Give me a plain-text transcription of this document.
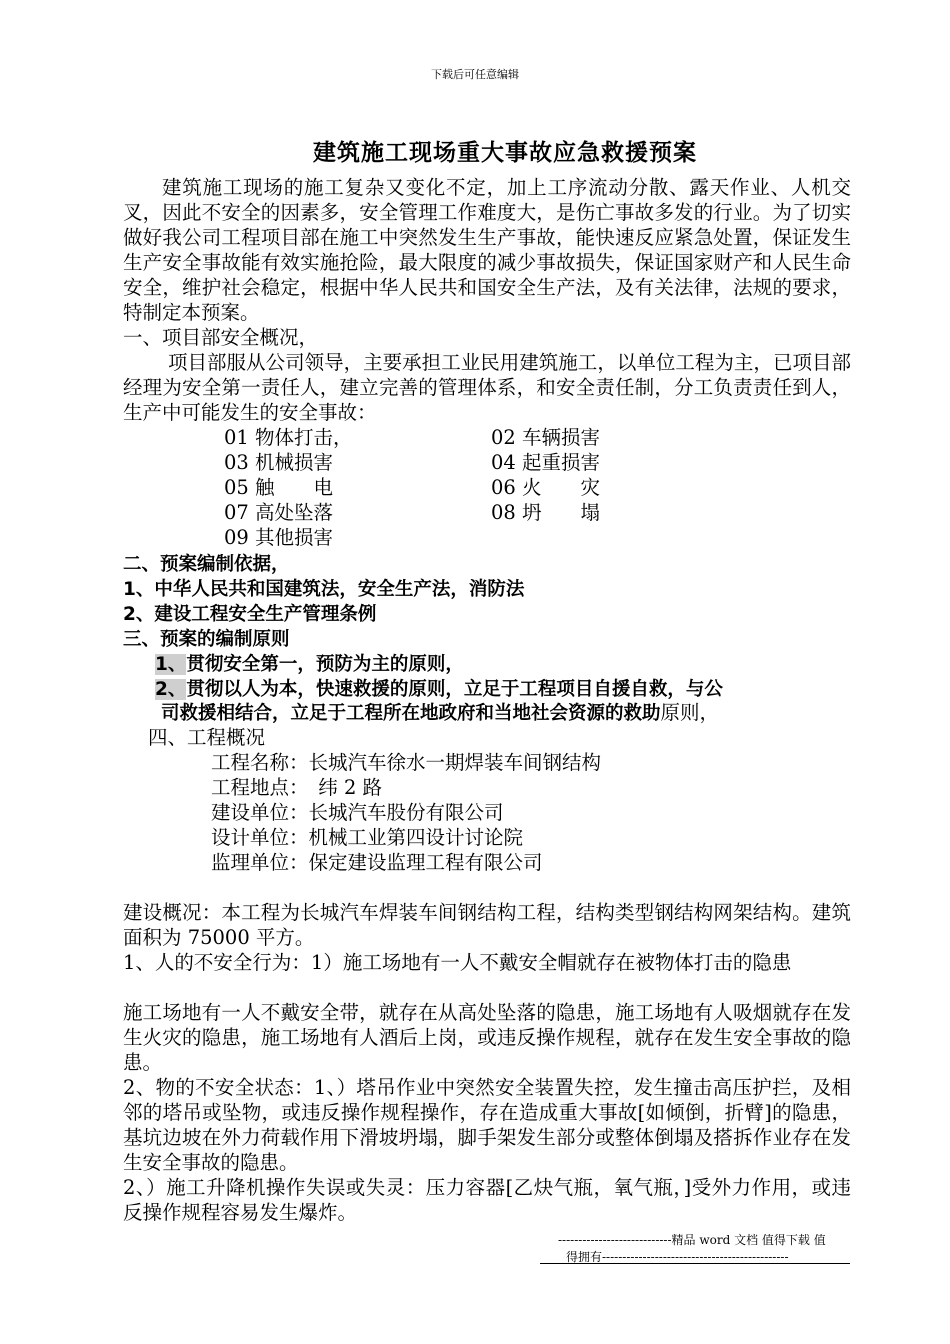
下载后可任意编辑
建筑施工现场重大事故应急救援预案
建筑施工现场的施工复杂又变化不定，加上工序流动分散、露天作业、人机交叉，因此不安全的因素多，安全管理工作难度大，是伤亡事故多发的行业。为了切实做好我公司工程项目部在施工中突然发生生产事故，能快速反应紧急处置，保证发生生产安全事故能有效实施抢险，最大限度的减少事故损失，保证国家财产和人民生命安全，维护社会稳定，根据中华人民共和国安全生产法，及有关法律，法规的要求，特制定本预案。
一、项目部安全概况，
项目部服从公司领导，主要承担工业民用建筑施工，以单位工程为主，已项目部经理为安全第一责任人，建立完善的管理体系，和安全责任制，分工负责责任到人，生产中可能发生的安全事故：
01 物体打击，	02 车辆损害
03 机械损害	04 起重损害
05 触　　电	06 火　　灾
07 高处坠落	08 坍　　塌
09 其他损害
二、预案编制依据，
1、中华人民共和国建筑法，安全生产法，消防法
2、建设工程安全生产管理条例
三、预案的编制原则
1、贯彻安全第一，预防为主的原则，
2、贯彻以人为本，快速救援的原则，立足于工程项目自援自救，与公
司救援相结合，立足于工程所在地政府和当地社会资源的救助原则，
四、工程概况
工程名称：长城汽车徐水一期焊装车间钢结构
工程地点：　纬 2 路
建设单位：长城汽车股份有限公司
设计单位：机械工业第四设计讨论院
监理单位：保定建设监理工程有限公司
建设概况：本工程为长城汽车焊装车间钢结构工程，结构类型钢结构网架结构。建筑面积为 75000 平方。
1、人的不安全行为：1）施工场地有一人不戴安全帽就存在被物体打击的隐患
施工场地有一人不戴安全带，就存在从高处坠落的隐患，施工场地有人吸烟就存在发生火灾的隐患，施工场地有人酒后上岗，或违反操作规程，就存在发生安全事故的隐患。
2、物的不安全状态：1、）塔吊作业中突然安全装置失控，发生撞击高压护拦，及相邻的塔吊或坠物，或违反操作规程操作，存在造成重大事故[如倾倒，折臂]的隐患，基坑边坡在外力荷载作用下滑坡坍塌，脚手架发生部分或整体倒塌及搭拆作业存在发生安全事故的隐患。
2、）施工升降机操作失误或失灵：压力容器[乙炔气瓶，氧气瓶，]受外力作用，或违反操作规程容易发生爆炸。
----------------------------精品 word 文档 值得下载 值
得拥有----------------------------------------------
